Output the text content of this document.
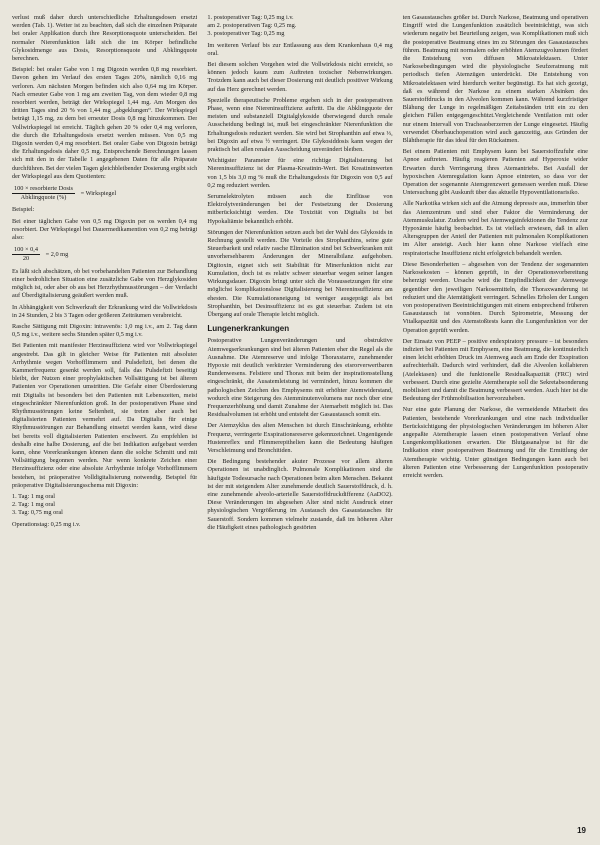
verlust muß daher durch unterschiedliche Erhaltungsdosen ersetzt werden (Tab. 1). Weiter ist zu beachten, daß sich die einzelnen Präparate bei oraler Applikation durch ihre Resorptionsquote unterscheiden. Bei normaler Nierenfunktion läßt sich die im Körper befindliche Glykosidmenge aus Dosis, Resorptionsquote und Abklingquote berechnen.

Beispiel: bei oraler Gabe von 1 mg Digoxin werden 0,8 mg resorbiert. Davon gehen im Verlauf des ersten Tages 20%, nämlich 0,16 mg verloren. Am nächsten Morgen befinden sich also 0,64 mg im Körper. Nach erneuter Gabe von 1 mg am zweiten Tag, von dem wieder 0,8 mg resorbiert werden, beträgt der Wirkspiegel 1,44 mg. Am Morgen des dritten Tages sind 20 % von 1,44 mg „abgeklungen“. Der Wirkspiegel beträgt 1,15 mg, zu dem bei erneuter Dosis 0,8 mg hinzukommen. Der Vollwirkspiegel ist erreicht. Täglich gehen 20 % oder 0,4 mg verloren, die durch die Erhaltungsdosis ersetzt werden müssen. Von 0,5 mg Digoxin werden 0,4 mg resorbiert. Bei oraler Gabe von Digoxin beträgt die Erhaltungsdosis daher 0,5 mg. Entsprechende Berechnungen lassen sich mit den in der Tabelle 1 angegebenen Daten für alle Präparate durchführen. Bei der vielen Tagen gleichbleibender Dosierung ergibt sich der Wirkspiegel aus dem Quotienten:

$\frac{\text{100 × resorbierte Dosis}}{\text{Abklingquote (\%)}}$ = Wirkspiegel

Beispiel:

Bei einer täglichen Gabe von 0,5 mg Digoxin per os werden 0,4 mg resorbiert. Der Wirkspiegel bei Dauermedikamention von 0,2 mg beträgt also:

$\frac{100 \times 0,4}{20} = 2,0$ mg

Es läßt sich abschätzen, ob bei vorbehandelten Patienten zur Behandlung einer bedrohlichen Situation eine zusätzliche Gabe von Herzglykosiden möglich ist, oder aber ob aus bei Herzrhythmusstörungen – der Verdacht auf Überdigitalisierung geäußert werden muß.

In Abhängigkeit von Schwerkraft der Erkrankung wird die Vollwirkdosis in 24 Stunden, 2 bis 3 Tagen oder größeren Zeiträumen verabreicht.

Rasche Sättigung mit Digoxin: intravenös: 1,0 mg i.v., am 2. Tag dann 0,5 mg i.v., weitere sechs Stunden später 0,5 mg i.v.

Bei Patienten mit manifester Herzinsuffizienz wird vor Vollwirkspiegel angestrebt. Das gilt in gleicher Weise für Patienten mit absoluter Arrhythmie wegen Vorhofflimmern und Pulsdefizit, bei denen die Kammerfrequenz gesenkt werden soll, falls das Pulsdefizit beseitigt bleibt, der Nutzen einer prophylaktischen Vollsättigung ist bei älteren Patienten vor Operationen umstritten. Die Gefahr einer Überdosierung mit Digitalis ist besonders bei den Patienten mit Lebenszeiten, meist eingeschränkter Nierenfunktion groß. In der postoperativen Phase sind Rhythmusstörungen keine Seltenheit, sie treten aber auch bei digitalisierten Patienten vermehrt auf. Da Digitalis für einige Rhythmusstörungen zur Behandlung einsetzt werden kann, wird diese bei bereits voll digitalisierten Patienten erschwert. Zu empfehlen ist deshalb eine halbe Dosierung, auf die bei Indikation aufgebaut werden kann, ohne Vorerkrankungen können dann die solche Schmitt und mit Vollsättigung begonnen werden. Nur wenn konkrete Zeichen einer Herzinsuffizienz oder eine absolute Arrhythmie infolge Vorhofflimmern bestehen, ist präoperative Volldigitalisierung notwendig. Beispiel für präoperative Digitalisierungsschema mit Digoxin:

1. Tag: 1 mg oral
2. Tag: 1 mg oral
3. Tag: 0,75 mg oral

Operationstag: 0,25 mg i.v.

1. postoperativer Tag: 0,25 mg i.v.
am 2. postoperativen Tag: 0,25 mg.
3. postoperativer Tag: 0,25 mg

Im weiteren Verlauf bis zur Entlassung aus dem Krankenhaus 0,4 mg oral.

Bei diesem solchen Vorgehen wird die Vollwirkdosis nicht erreicht, so können jedoch kaum zum Auftreten toxischer Nebenwirkungen. Trotzdem kann auch bei dieser Dosierung mit deutlich positiver Wirkung auf das Herz gerechnet werden.

Spezielle therapeutische Probleme ergeben sich in der postoperativen Phase, wenn eine Niereninsuffizienz auftritt. Da die Abklingquote der meisten und substanziell Digitalglykoside überwiegend durch renale Ausscheidung bedingt ist, muß bei eingeschränkter Nierenfunktion die Erhaltungsdosis reduziert werden. Sie wird bei Strophanthin auf etwa ⅓, bei Digoxin auf etwa ½ verringert. Die Glykosiddosis kann wegen der praktisch bei allen renalen Ausscheidung unverändert bleiben.

Wichtigster Parameter für eine richtige Digitalisierung bei Niereninsuffizienz ist der Plasma-Kreatinin-Wert. Bei Kreatininwerten von 1,5 bis 3,0 mg % muß die Erhaltungsdosis für Digoxin von 0,5 auf 0,2 mg reduziert werden.

Serumelektrolyten müssen auch die Einflüsse von Elektrolytveränderungen bei der Festsetzung der Dosierung mitberücksichtigt werden. Die Toxizität von Digitalis ist bei Hypokaliämie bekanntlich erhöht.

Störungen der Nierenfunktion setzen auch bei der Wahl des Glykosids in Rechnung gestellt werden. Die Vorteile des Strophanthins, seine gute Steuerbarkeit und relativ rasche Elimination sind bei Schwerkranken mit unvorhersehbarem Änderungen der Mineralbilanz aufgehoben. Digitoxin, eignet sich seit Stabilität für Minerfunktion nicht zur Kumulation, doch ist es relativ schwer steuerbar wegen seiner langen Wirkungsdauer. Digoxin bringt unter sich die Voraussetzungen für eine möglichst komplikationslose Digitalisierung bei Niereninsuffizienz am ehesten. Die Kumulationsneigung ist weniger ausgeprägt als bei Strophanthin, bei Desinsuffizienz ist es gut steuerbar. Zudem ist ein Übergang auf orale Therapie leicht möglich.

Lungenerkrankungen

Postoperative Lungenveränderungen und obstruktive Atemwegserkrankungen sind bei älteren Patienten eher die Regel als die Ausnahme. Die Atemreserve und infolge Thoraxstarre, zunehmender Hypoxie mit deutlich verkürzter Verminderung des eisrorverwertbaren Rundenwesens. Felstiere und Thorax mit beim der inspirationsstellung eingeschränkt, die Ausatemleistung ist vermindert, hinzu kommen die pathologischen Zeichen des Emphysems mit erhöhter Atemwiderstand, wodurch eine Steigerung des Atemminutenvolumens nur noch über eine Frequenzerhöhung und damit Zunahme der Atemarbeit möglich ist. Das Residualvolumen ist erhöht und entsteht der Gasaustausch somit ein.

Der Atemzyklus des alten Menschen ist durch Einschränkung, erhöhte Frequenz, verringerte Exspirationsreserve gekennzeichnet. Ungenügende Hustenreflex und Flimmerepithelien kann die Bedeutung häufigen Verschleimung und Bronchitiden.

Die Bedingung bestehender akuter Prozesse vor allem älteren Operationen ist unabdinglich. Pulmonale Komplikationen sind die häufigste Todesursache nach Operationen beim alten Menschen. Bekannt ist der mit steigendem Alter zunehmende deutlich Sauerstoffdruck, d. h. eine zunehmende alveolo-arterielle Sauerstoffdruckdifferenz (AaDO2). Diese Veränderungen im abgesehen Alter sind nicht Ausdruck einer physiologischen Vergrößerung im Austausch des Gasaustausches für Sauerstoff. Sondern kommen vielmehr zustande, daß im höheren Alter die Häufigkeit eines pathologisch gestörten

ten Gasaustausches größer ist. Durch Narkose, Beatmung und operativen Eingriff wird die Lungenfunktion zusätzlich beeinträchtigt, was sich wiederum negativ bei Beurteilung zeigen, was Komplikationen muß sich die postoperative Beatmung eines im zu Störungen des Gasaustausches führen. Beatmung mit normalem oder erhöhten Atemzugvolumen fördert die Entstehung von diffusen Mikroatelektasen. Unter Narkosebedingungen wird die physiologische Seufzeratmung mit periodisch tiefen Atemzügen unterdrückt. Die Entstehung von Mikroatelektasen wird hierdurch weiter begünstigt. Es hat sich gezeigt, daß es während der Narkose zu einem starken Absinken des Sauerstoffdrucks in den Alveolen kommen kann. Während kurzfristiger Blähung der Lunge in regelmäßigen Zeitabständen tritt ein zu den gleichen Fällen entgegengeschützt.Vergleichende Ventilation mit oder nur einem Intervall von Tracheaoberzerren der Lunge eingesetzt. Häufig verwendet Oberbauchoperation wird auch ganzzeitig, aus Gründen der Blähtherapie für das ideal für den Rückatmen.

Bei einem Patienten mit Emphysem kann bei Sauerstoffzufuhr eine Apnoe auftreten. Häufig reagieren Patienten auf Hyperoxie wider Erwarten durch Verringerung ihres Atemantriebs. Bei Ausfall der hypoxischen Atemregulation kann Apnoe eintreten, so dass vor der Operation der sogenannte Atemgrenzwert gemessen werden muß. Diese Untersuchung gibt Auskunft über das aktuelle Hypoventilationsrisiko.

Alle Narkotika wirken sich auf die Atmung depressiv aus, immerhin über das Atemzentrum und sind eher Faktor die Verminderung der Atemmuskulatur. Zudem wird bei Atemwegsinfektionen die Tendenz zur Hypoxämie häufig beobachtet. Es ist vielfach erwiesen, daß in allen Altersgruppen der Anteil der Patienten mit pulmonalen Komplikationen im Alter ansteigt. Auch hier kann ohne Narkose vielfach eine respiratorische Insuffizienz nicht erfolgreich behandelt werden.

Diese Besonderheiten – abgesehen von der Tendenz der sogenannten Narkosekosten – können geprüft, in der Operationsvorbereitung beherzigt werden. Ursache wird die Empfindlichkeit der Atemwege gegenüber den jeweiligen Narkosemitteln, die Thoraxwanderung ist reduziert und die Atemtätigkeit verringert. Schnelles Erholen der Lungen von postoperativen Beeinträchtigungen mit einem entsprechend früheren Gasaustausch ist vonnöten. Durch Spirometrie, Messung der Vitalkapazität und des Atemstoßtests kann die Lungenfunktion vor der Operation geprüft werden.

Der Einsatz von PEEP – positive endexpiratory pressure – ist besonders indiziert bei Patienten mit Emphysem, eine Beatmung, die kontinuierlich einen leicht erhöhten Druck im Atemweg auch am Ende der Exspiration aufrechterhält. Dadurch wird verhindert, daß die Alveolen kollabieren (Atelektasen) und die funktionelle Residualkapazität (FRC) wird verbessert. Durch eine gezielte Atemtherapie soll die Sekretabsonderung mobilisiert und damit die Beatmung verbessert werden. Auch hier ist die Bedeutung der Frühmobilisation hervorzuheben.

Nur eine gute Planung der Narkose, die vermeidende Mitarbeit des Patienten, bestehende Vorerkrankungen und eine nach individueller Berücksichtigung der physiologischen Veränderungen im höheren Alter angepaßte Atemtherapie lassen einen postoperativen Verlauf ohne Lungenkomplikationen erwarten. Die Blutgasanalyse ist für die Indikation einer postoperativen Beatmung und für die Ermittlung der Atemtherapie wichtig. Unter günstigen Bedingungen kann auch bei älteren Patienten eine Verbesserung der Lungenfunktion postoperativ erreicht werden.

19
